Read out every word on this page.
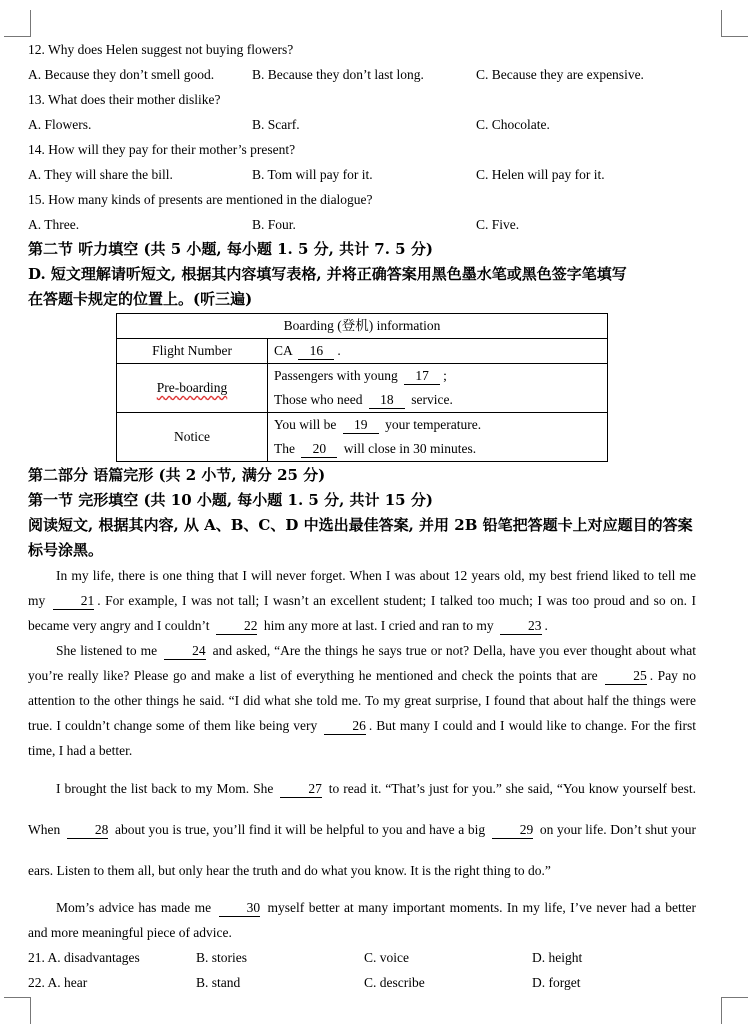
12. Why does Helen suggest not buying flowers?
A. Because they don’t smell good.	B. Because they don’t last long.	C. Because they are expensive.
13. What does their mother dislike?
A. Flowers.	B. Scarf.	C. Chocolate.
14. How will they pay for their mother’s present?
A. They will share the bill.	B. Tom will pay for it.	C. Helen will pay for it.
15. How many kinds of presents are mentioned in the dialogue?
A. Three.	B. Four.	C. Five.
第二节 听力填空 (共 5 小题, 每小题 1. 5 分, 共计 7. 5 分)
D. 短文理解请听短文, 根据其内容填写表格, 并将正确答案用黑色墨水笔或黑色签字笔填写
在答题卡规定的位置上。(听三遍)
Boarding (登机) information	
Flight Number	CA 16 .
Pre-boarding	Passengers with young 17 ;
	Those who need 18 service.
Notice	You will be 19 your temperature.
	The 20 will close in 30 minutes.
第二部分 语篇完形 (共 2 小节, 满分 25 分)
第一节 完形填空 (共 10 小题, 每小题 1. 5 分, 共计 15 分)
阅读短文, 根据其内容, 从 A、B、C、D 中选出最佳答案, 并用 2B 铅笔把答题卡上对应题目的答案标号涂黑。

In my life, there is one thing that I will never forget. When I was about 12 years old, my best friend liked to tell me my	21 . For example, I was not tall; I wasn’t an excellent student; I talked too much; I was too proud and so on. I became very angry and I couldn’t	22 him any more at last. I cried and ran to my	23 .

She listened to me	24 and asked, “Are the things he says true or not? Della, have you ever thought about what you’re really like? Please go and make a list of everything he mentioned and check the points that are	25 . Pay no attention to the other things he said. “I did what she told me. To my great surprise, I found that about half the things were true. I couldn’t change some of them like being very	26 . But many I could and I would like to change. For the first time, I had a better.

I brought the list back to my Mom. She	27 to read it. “That’s just for you.” she said, “You know yourself best. When	28 about you is true, you’ll find it will be helpful to you and have a big	29 on your life. Don’t shut your ears. Listen to them all, but only hear the truth and do what you know. It is the right thing to do.”

Mom’s advice has made me	30 myself better at many important moments. In my life, I’ve never had a better and more meaningful piece of advice.

21. A. disadvantages	B. stories	C. voice	D. height
22. A. hear	B. stand	C. describe	D. forget
